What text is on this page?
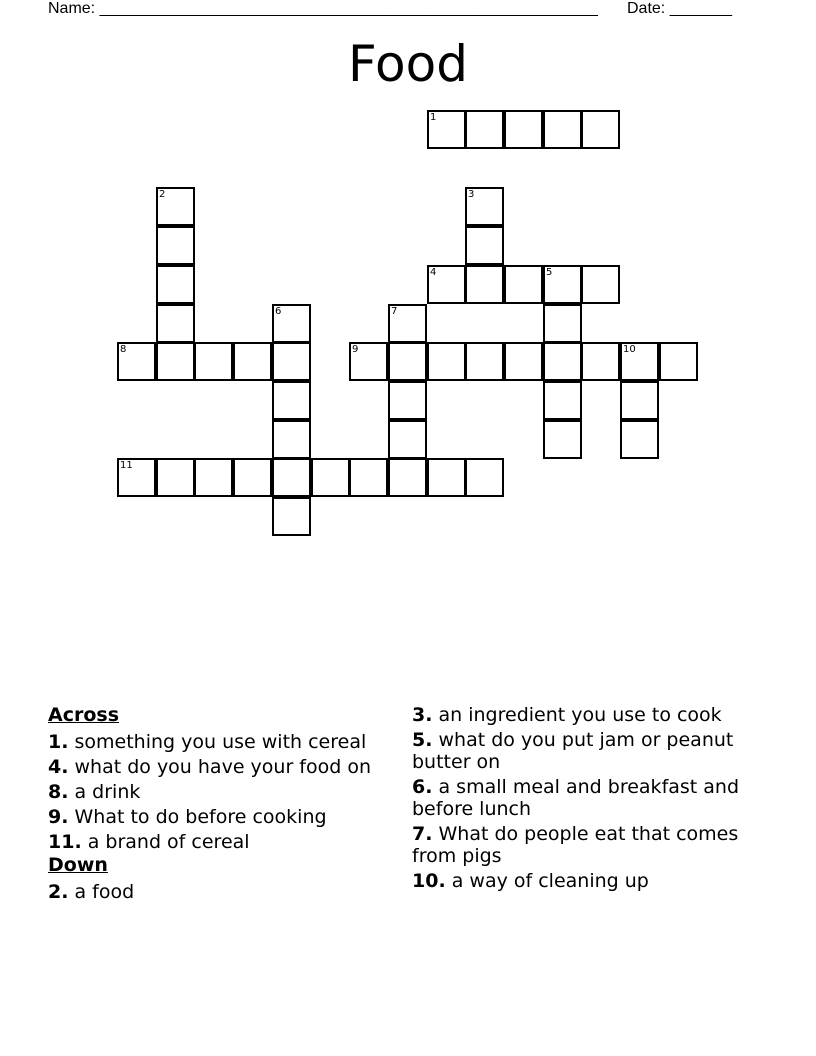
Name: ________________________________________________________ Date: _______
Food
1
2	3
4	5
6	7
8	9	10
11
Across
1. something you use with cereal
4. what do you have your food on
8. a drink
9. What to do before cooking
11. a brand of cereal
Down
2. a food
3. an ingredient you use to cook
5. what do you put jam or peanut butter on
6. a small meal and breakfast and before lunch
7. What do people eat that comes from pigs
10. a way of cleaning up
